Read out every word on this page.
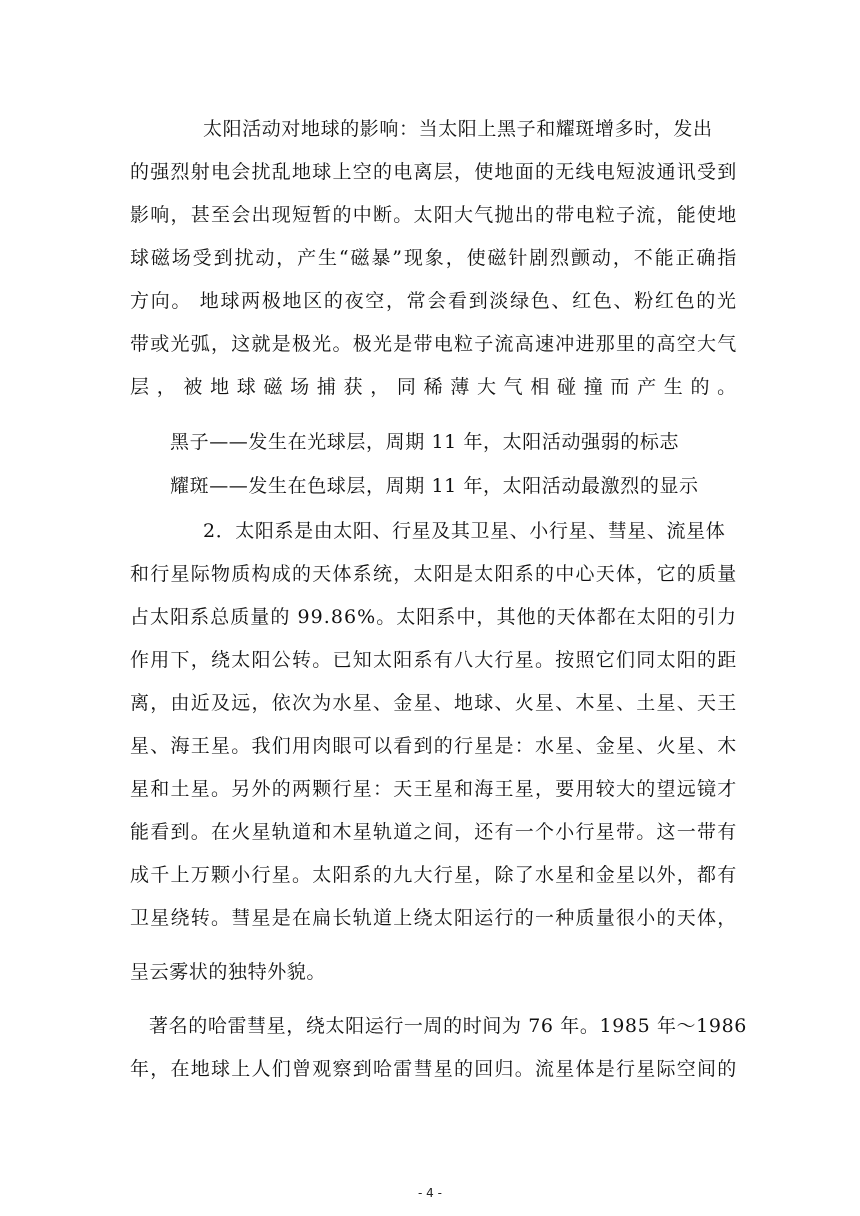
太阳活动对地球的影响：当太阳上黑子和耀斑增多时，发出
的 强 烈 射 电 会 扰 乱 地 球 上 空 的 电 离 层 ， 使 地 面 的 无 线 电 短 波 通 讯 受 到
影 响 ， 甚 至 会 出 现 短 暂 的 中 断 。 太 阳 大 气 抛 出 的 带 电 粒 子 流 ， 能 使 地
球 磁 场 受 到 扰 动 ， 产 生 “ 磁 暴 ” 现 象 ， 使 磁 针 剧 烈 颤 动 ， 不 能 正 确 指
方 向 。
地 球 两 极 地 区 的 夜 空 ， 常 会 看 到 淡 绿 色 、 红 色 、 粉 红 色 的 光
带 或 光 弧 ， 这 就 是 极 光 。 极 光 是 带 电 粒 子 流 高 速 冲 进 那 里 的 高 空 大 气
层 ， 被 地 球 磁 场 捕 获 ， 同 稀 薄 大 气 相 碰 撞 而 产 生 的 。
黑子——发生在光球层，周期 11 年，太阳活动强弱的标志
耀斑——发生在色球层，周期 11 年，太阳活动最激烈的显示
2．太阳系是由太阳、行星及其卫星、小行星、彗星、流星体
和 行 星 际 物 质 构 成 的 天 体 系 统 ， 太 阳 是 太 阳 系 的 中 心 天 体 ， 它 的 质 量
占 太 阳 系 总 质 量 的
9 9 . 8 6 % 。 太 阳 系 中 ， 其 他 的 天 体 都 在 太 阳 的 引 力
作 用 下 ， 绕 太 阳 公 转 。 已 知 太 阳 系 有 八 大 行 星 。 按 照 它 们 同 太 阳 的 距
离 ， 由 近 及 远 ， 依 次 为 水 星 、 金 星 、 地 球 、 火 星 、 木 星 、 土 星 、 天 王
星 、 海 王 星 。 我 们 用 肉 眼 可 以 看 到 的 行 星 是 ： 水 星 、 金 星 、 火 星 、 木
星 和 土 星 。 另 外 的 两 颗 行 星 ： 天 王 星 和 海 王 星 ， 要 用 较 大 的 望 远 镜 才
能 看 到 。 在 火 星 轨 道 和 木 星 轨 道 之 间 ， 还 有 一 个 小 行 星 带 。 这 一 带 有
成 千 上 万 颗 小 行 星 。 太 阳 系 的 九 大 行 星 ， 除 了 水 星 和 金 星 以 外 ， 都 有
卫 星 绕 转 。 彗 星 是 在 扁 长 轨 道 上 绕 太 阳 运 行 的 一 种 质 量 很 小 的 天 体 ，
呈云雾状的独特外貌。
著 名 的 哈 雷 彗 星 ， 绕 太 阳 运 行 一 周 的 时 间 为
7 6
年 。 1 9 8 5
年 ～ 1 9 8 6
年 ， 在 地 球 上 人 们 曾 观 察 到 哈 雷 彗 星 的 回 归 。 流 星 体 是 行 星 际 空 间 的
- 4 -
